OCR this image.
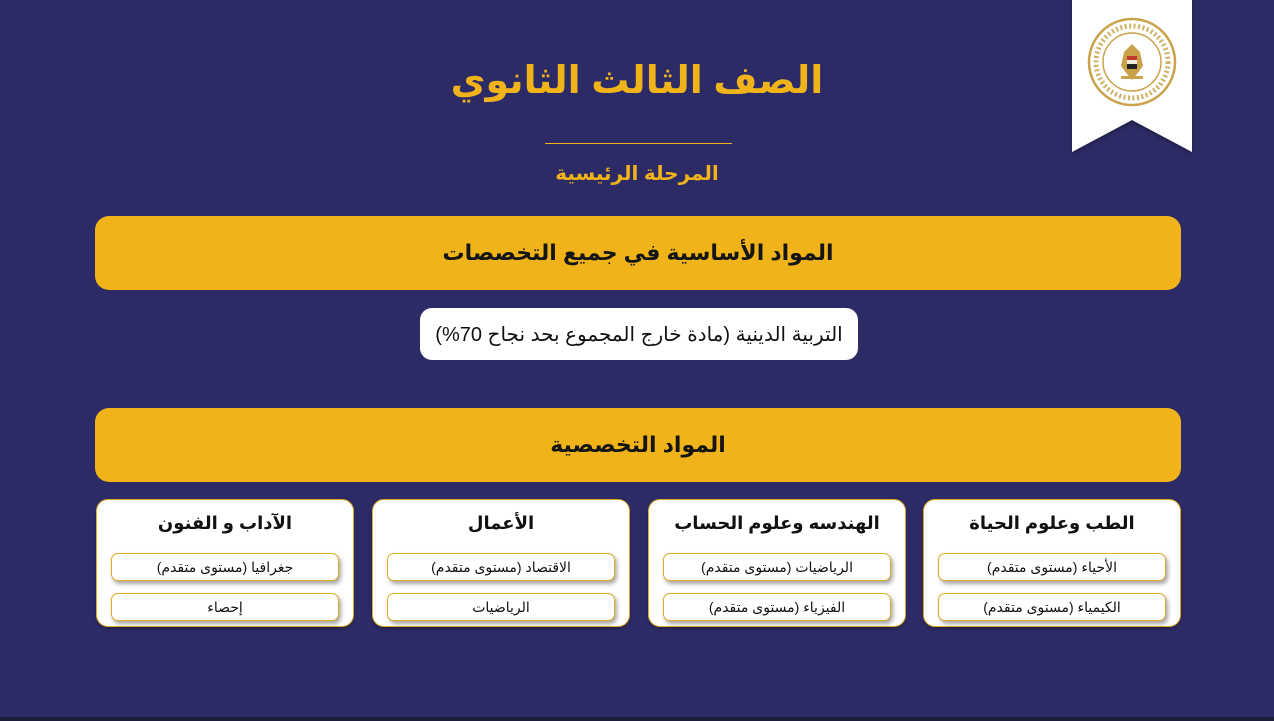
الصف الثالث الثانوي
المرحلة الرئيسية
المواد الأساسية في جميع التخصصات
التربية الدينية (مادة خارج المجموع بحد نجاح 70%)
المواد التخصصية
الطب وعلوم الحياة
الأحياء (مستوى متقدم)
الكيمياء (مستوى متقدم)
الهندسه وعلوم الحساب
الرياضيات (مستوى متقدم)
الفيزياء (مستوى متقدم)
الأعمال
الاقتصاد (مستوى متقدم)
الرياضيات
الآداب و الفنون
جغرافيا (مستوى متقدم)
إحصاء
